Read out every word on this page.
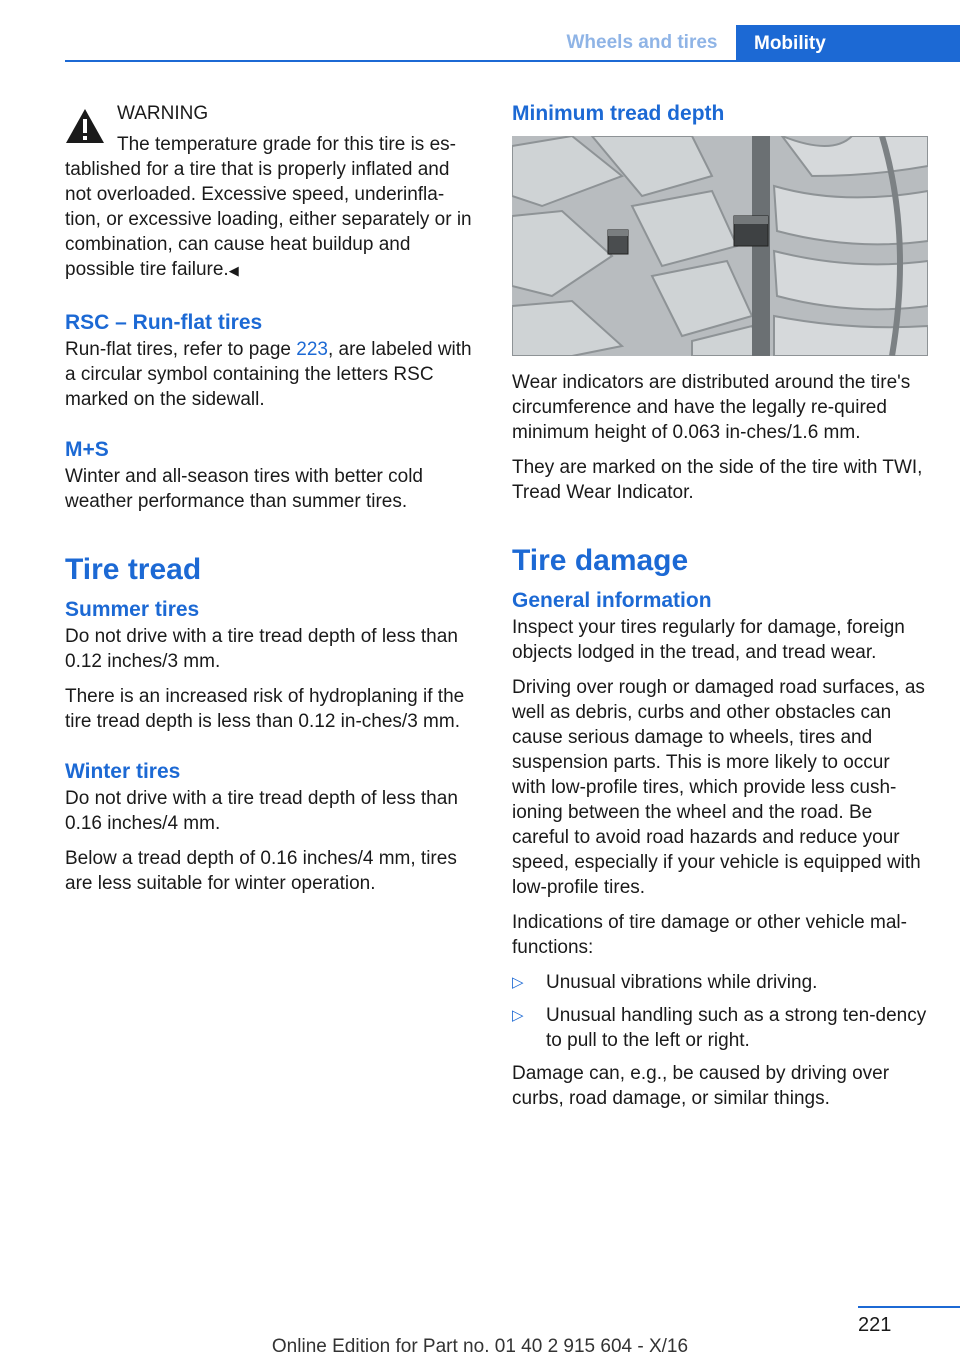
Wheels and tires	Mobility

WARNING

The temperature grade for this tire is es-

tablished for a tire that is properly inflated and not overloaded. Excessive speed, underinfla-tion, or excessive loading, either separately or in combination, can cause heat buildup and possible tire failure.◀

RSC – Run-flat tires

Run-flat tires, refer to page 223, are labeled with a circular symbol containing the letters RSC marked on the sidewall.

M+S

Winter and all-season tires with better cold weather performance than summer tires.

Tire tread
Summer tires

Do not drive with a tire tread depth of less than 0.12 inches/3 mm.

There is an increased risk of hydroplaning if the tire tread depth is less than 0.12 in-ches/3 mm.

Winter tires

Do not drive with a tire tread depth of less than 0.16 inches/4 mm.

Below a tread depth of 0.16 inches/4 mm, tires are less suitable for winter operation.

Minimum tread depth

Wear indicators are distributed around the tire's circumference and have the legally re-quired minimum height of 0.063 in-ches/1.6 mm.

They are marked on the side of the tire with TWI, Tread Wear Indicator.

Tire damage
General information

Inspect your tires regularly for damage, foreign objects lodged in the tread, and tread wear.

Driving over rough or damaged road surfaces, as well as debris, curbs and other obstacles can cause serious damage to wheels, tires and suspension parts. This is more likely to occur with low-profile tires, which provide less cush-ioning between the wheel and the road. Be careful to avoid road hazards and reduce your speed, especially if your vehicle is equipped with low-profile tires.

Indications of tire damage or other vehicle mal-functions:

▷ Unusual vibrations while driving.
▷ Unusual handling such as a strong ten-dency to pull to the left or right.

Damage can, e.g., be caused by driving over curbs, road damage, or similar things.

221
Online Edition for Part no. 01 40 2 915 604 - X/16
